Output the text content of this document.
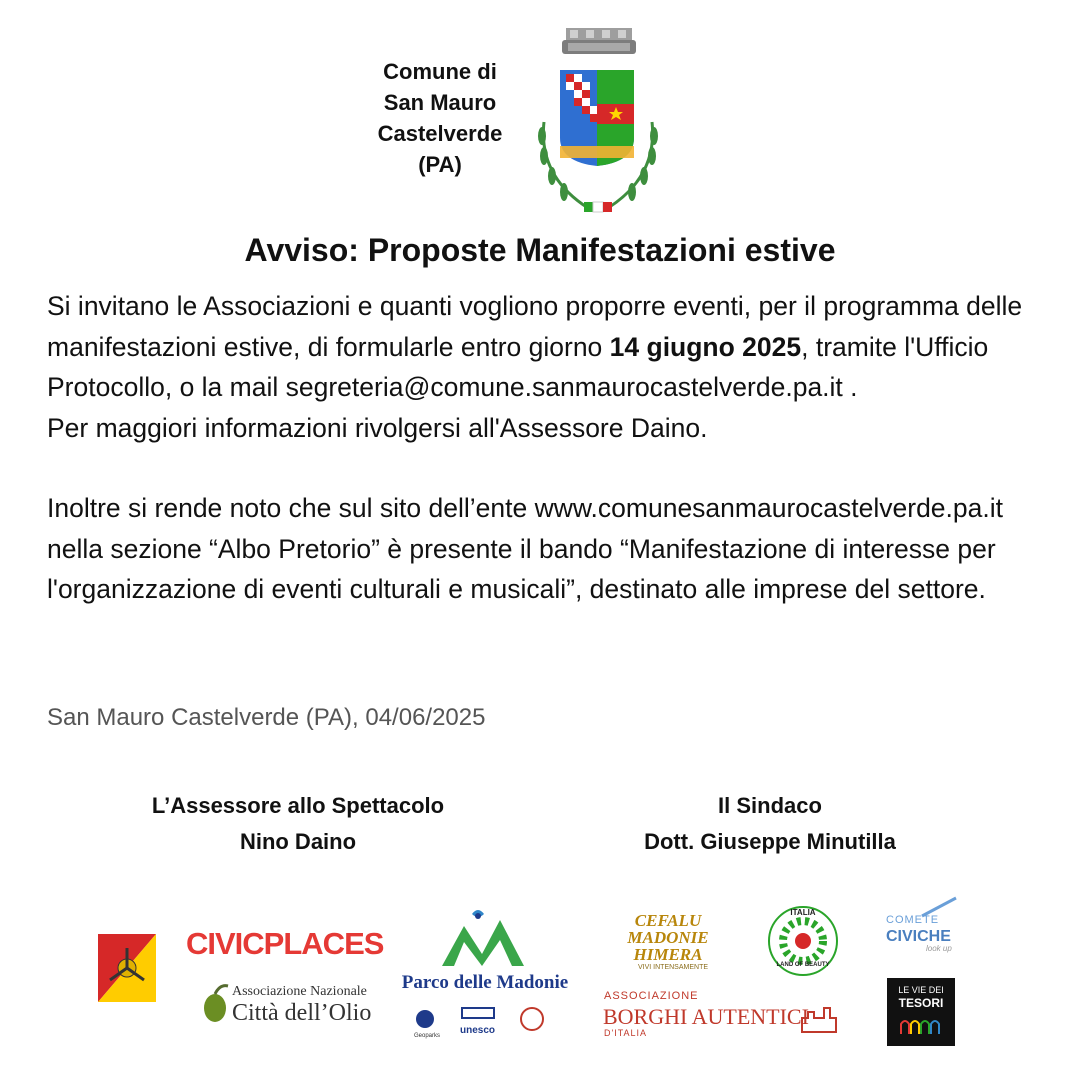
Comune di
San Mauro
Castelverde
(PA)
Avviso: Proposte Manifestazioni estive

Si invitano le Associazioni e quanti vogliono proporre eventi, per il programma delle manifestazioni estive, di formularle entro giorno 14 giugno 2025, tramite l'Ufficio Protocollo, o la mail segreteria@comune.sanmaurocastelverde.pa.it .

Per maggiori informazioni rivolgersi all'Assessore Daino.

Inoltre si rende noto che sul sito dell’ente www.comunesanmaurocastelverde.pa.it nella sezione “Albo Pretorio” è presente il bando “Manifestazione di interesse per l'organizzazione di eventi culturali e musicali”, destinato alle imprese del settore.

San Mauro Castelverde (PA), 04/06/2025
L’Assessore allo Spettacolo
Nino Daino
Il Sindaco
Dott. Giuseppe Minutilla
CIVICPLACES
Associazione Nazionale
Città dell’Olio
Parco delle Madonie
Geoparks unesco
CEFALU MADONIE HIMERA
VIVI INTENSAMENTE
ASSOCIAZIONE
BORGHI AUTENTICI
D'ITALIA
ITALIA
LAND OF BEAUTY
COMETE
CIVICHE
look up
LE VIE DEI
TESORI
